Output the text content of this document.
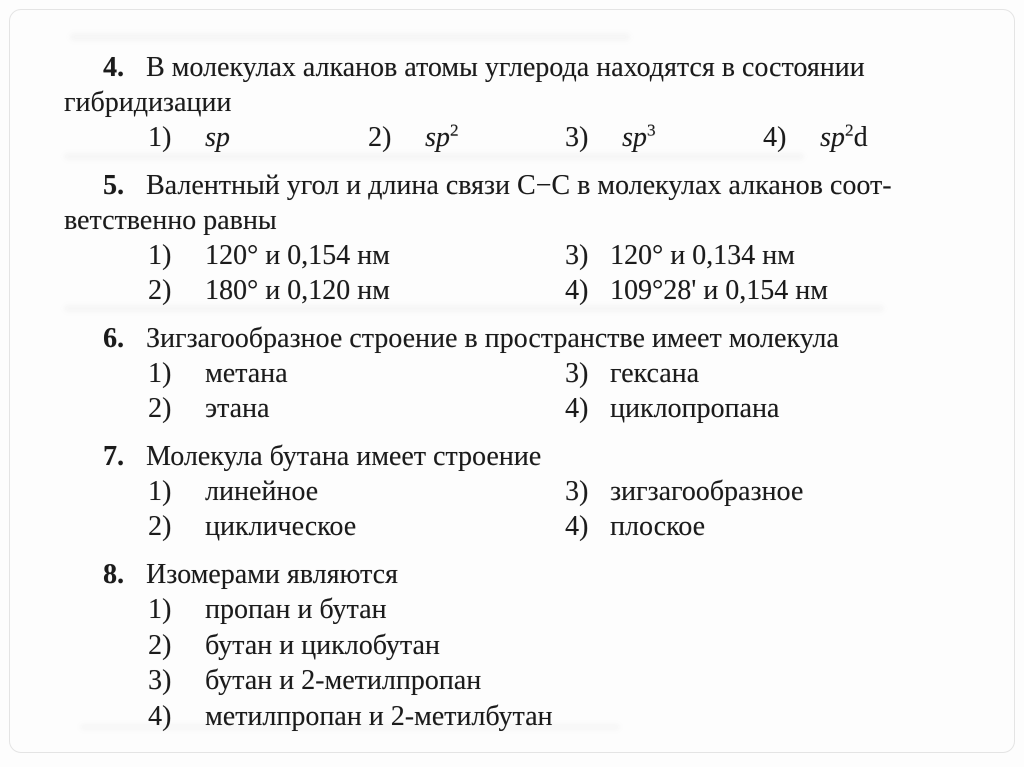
4. В молекулах алканов атомы углерода находятся в состоянии
гибридизации
1) sp	2) $sp^2$	3) $sp^3$	4) $sp^2d$
5. Валентный угол и длина связи С−С в молекулах алканов соот-
ветственно равны
1) 120° и 0,154 нм	3) 120° и 0,134 нм
2) 180° и 0,120 нм	4) 109°28' и 0,154 нм
6. Зигзагообразное строение в пространстве имеет молекула
1) метана	3) гексана
2) этана	4) циклопропана
7. Молекула бутана имеет строение
1) линейное	3) зигзагообразное
2) циклическое	4) плоское
8. Изомерами являются
1) пропан и бутан
2) бутан и циклобутан
3) бутан и 2-метилпропан
4) метилпропан и 2-метилбутан
